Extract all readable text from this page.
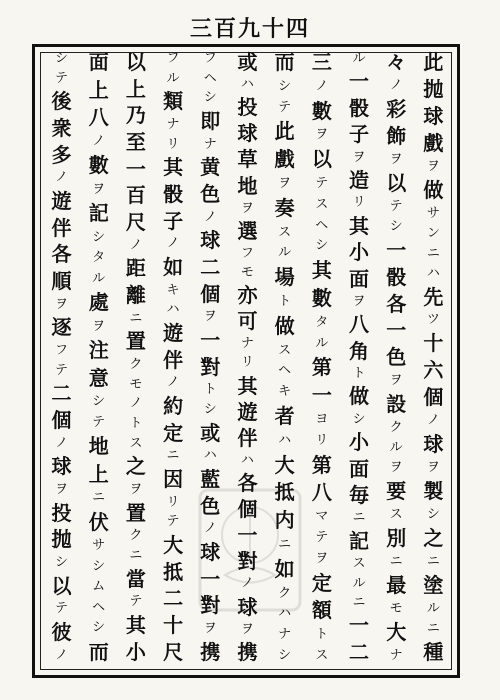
三百九十四
此
抛
球
戲
ヲ
做
サ
ン
ニ
ハ
先
ツ
十
六
個
ノ
球
ヲ
製
シ
之
ニ
塗
ル
ニ
種
々
ノ
彩
飾
ヲ
以
テ
シ
一
骰
各
一
色
ヲ
設
ク
ル
ヲ
要
ス
別
ニ
最
モ
大
ナ
ル
一
骰
子
ヲ
造
リ
其
小
面
ヲ
八
角
ト
做
シ
小
面
毎
ニ
記
ス
ル
ニ
一
二
三
ノ
數
ヲ
以
テ
ス
ヘ
シ
其
數
タ
ル
第
一
ヨ
リ
第
八
マ
テ
ヲ
定
額
ト
ス
而
シ
テ
此
戲
ヲ
奏
ス
ル
場
ト
做
ス
ヘ
キ
者
ハ
大
抵
内
ニ
如
ク
ハ
ナ
シ
或
ハ
投
球
草
地
ヲ
選
フ
モ
亦
可
ナ
リ
其
遊
伴
ハ
各
個
一
對
ノ
球
ヲ
携
フ
ヘ
シ
即
ナ
黄
色
ノ
球
二
個
ヲ
一
對
ト
シ
或
ハ
藍
色
ノ
球
一
對
ヲ
携
フ
ル
類
ナ
リ
其
骰
子
ノ
如
キ
ハ
遊
伴
ノ
約
定
ニ
因
リ
テ
大
抵
二
十
尺
以
上
乃
至
一
百
尺
ノ
距
離
ニ
置
ク
モ
ノ
ト
ス
之
ヲ
置
ク
ニ
當
テ
其
小
面
上
八
ノ
數
ヲ
記
シ
タ
ル
處
ヲ
注
意
シ
テ
地
上
ニ
伏
サ
シ
ム
ヘ
シ
而
シ
テ
後
衆
多
ノ
遊
伴
各
順
ヲ
逐
フ
テ
二
個
ノ
球
ヲ
投
抛
シ
以
テ
彼
ノ
